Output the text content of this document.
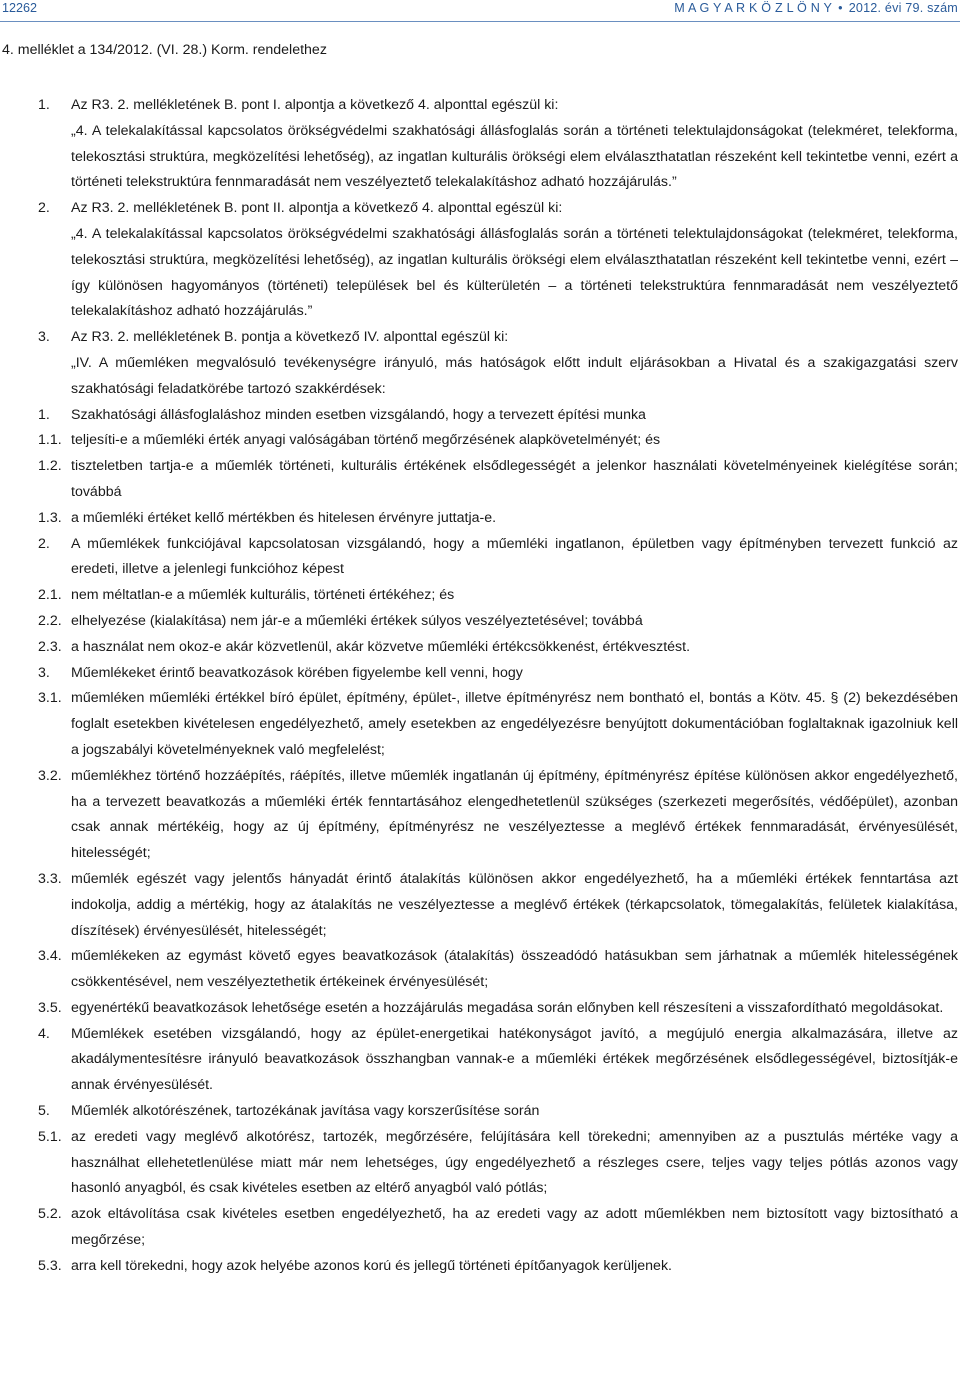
12262	M A G Y A R K Ö Z L Ö N Y • 2012. évi 79. szám
4. melléklet a 134/2012. (VI. 28.) Korm. rendelethez

1. Az R3. 2. mellékletének B. pont I. alpontja a következő 4. alponttal egészül ki:

„4. A telekalakítással kapcsolatos örökségvédelmi szakhatósági állásfoglalás során a történeti telektulajdonságokat (telekméret, telekforma, telekosztási struktúra, megközelítési lehetőség), az ingatlan kulturális örökségi elem elválaszthatatlan részeként kell tekintetbe venni, ezért a történeti telekstruktúra fennmaradását nem veszélyeztető telekalakításhoz adható hozzájárulás.”

2. Az R3. 2. mellékletének B. pont II. alpontja a következő 4. alponttal egészül ki:

„4. A telekalakítással kapcsolatos örökségvédelmi szakhatósági állásfoglalás során a történeti telektulajdonságokat (telekméret, telekforma, telekosztási struktúra, megközelítési lehetőség), az ingatlan kulturális örökségi elem elválaszthatatlan részeként kell tekintetbe venni, ezért – így különösen hagyományos (történeti) települések bel és külterületén – a történeti telekstruktúra fennmaradását nem veszélyeztető telekalakításhoz adható hozzájárulás.”

3. Az R3. 2. mellékletének B. pontja a következő IV. alponttal egészül ki:

„IV. A műemléken megvalósuló tevékenységre irányuló, más hatóságok előtt indult eljárásokban a Hivatal és a szakigazgatási szerv szakhatósági feladatkörébe tartozó szakkérdések:

1. Szakhatósági állásfoglaláshoz minden esetben vizsgálandó, hogy a tervezett építési munka

1.1. teljesíti-e a műemléki érték anyagi valóságában történő megőrzésének alapkövetelményét; és

1.2. tiszteletben tartja-e a műemlék történeti, kulturális értékének elsődlegességét a jelenkor használati követelményeinek kielégítése során; továbbá

1.3. a műemléki értéket kellő mértékben és hitelesen érvényre juttatja-e.

2. A műemlékek funkciójával kapcsolatosan vizsgálandó, hogy a műemléki ingatlanon, épületben vagy építményben tervezett funkció az eredeti, illetve a jelenlegi funkcióhoz képest

2.1. nem méltatlan-e a műemlék kulturális, történeti értékéhez; és

2.2. elhelyezése (kialakítása) nem jár-e a műemléki értékek súlyos veszélyeztetésével; továbbá

2.3. a használat nem okoz-e akár közvetlenül, akár közvetve műemléki értékcsökkenést, értékvesztést.

3. Műemlékeket érintő beavatkozások körében figyelembe kell venni, hogy

3.1. műemléken műemléki értékkel bíró épület, építmény, épület-, illetve építményrész nem bontható el, bontás a Kötv. 45. § (2) bekezdésében foglalt esetekben kivételesen engedélyezhető, amely esetekben az engedélyezésre benyújtott dokumentációban foglaltaknak igazolniuk kell a jogszabályi követelményeknek való megfelelést;

3.2. műemlékhez történő hozzáépítés, ráépítés, illetve műemlék ingatlanán új építmény, építményrész építése különösen akkor engedélyezhető, ha a tervezett beavatkozás a műemléki érték fenntartásához elengedhetetlenül szükséges (szerkezeti megerősítés, védőépület), azonban csak annak mértékéig, hogy az új építmény, építményrész ne veszélyeztesse a meglévő értékek fennmaradását, érvényesülését, hitelességét;

3.3. műemlék egészét vagy jelentős hányadát érintő átalakítás különösen akkor engedélyezhető, ha a műemléki értékek fenntartása azt indokolja, addig a mértékig, hogy az átalakítás ne veszélyeztesse a meglévő értékek (térkapcsolatok, tömegalakítás, felületek kialakítása, díszítések) érvényesülését, hitelességét;

3.4. műemlékeken az egymást követő egyes beavatkozások (átalakítás) összeadódó hatásukban sem járhatnak a műemlék hitelességének csökkentésével, nem veszélyeztethetik értékeinek érvényesülését;

3.5. egyenértékű beavatkozások lehetősége esetén a hozzájárulás megadása során előnyben kell részesíteni a visszafordítható megoldásokat.

4. Műemlékek esetében vizsgálandó, hogy az épület-energetikai hatékonyságot javító, a megújuló energia alkalmazására, illetve az akadálymentesítésre irányuló beavatkozások összhangban vannak-e a műemléki értékek megőrzésének elsődlegességével, biztosítják-e annak érvényesülését.

5. Műemlék alkotórészének, tartozékának javítása vagy korszerűsítése során

5.1. az eredeti vagy meglévő alkotórész, tartozék, megőrzésére, felújítására kell törekedni; amennyiben az a pusztulás mértéke vagy a használhat ellehetetlenülése miatt már nem lehetséges, úgy engedélyezhető a részleges csere, teljes vagy teljes pótlás azonos vagy hasonló anyagból, és csak kivételes esetben az eltérő anyagból való pótlás;

5.2. azok eltávolítása csak kivételes esetben engedélyezhető, ha az eredeti vagy az adott műemlékben nem biztosított vagy biztosítható a megőrzése;

5.3. arra kell törekedni, hogy azok helyébe azonos korú és jellegű történeti építőanyagok kerüljenek.
